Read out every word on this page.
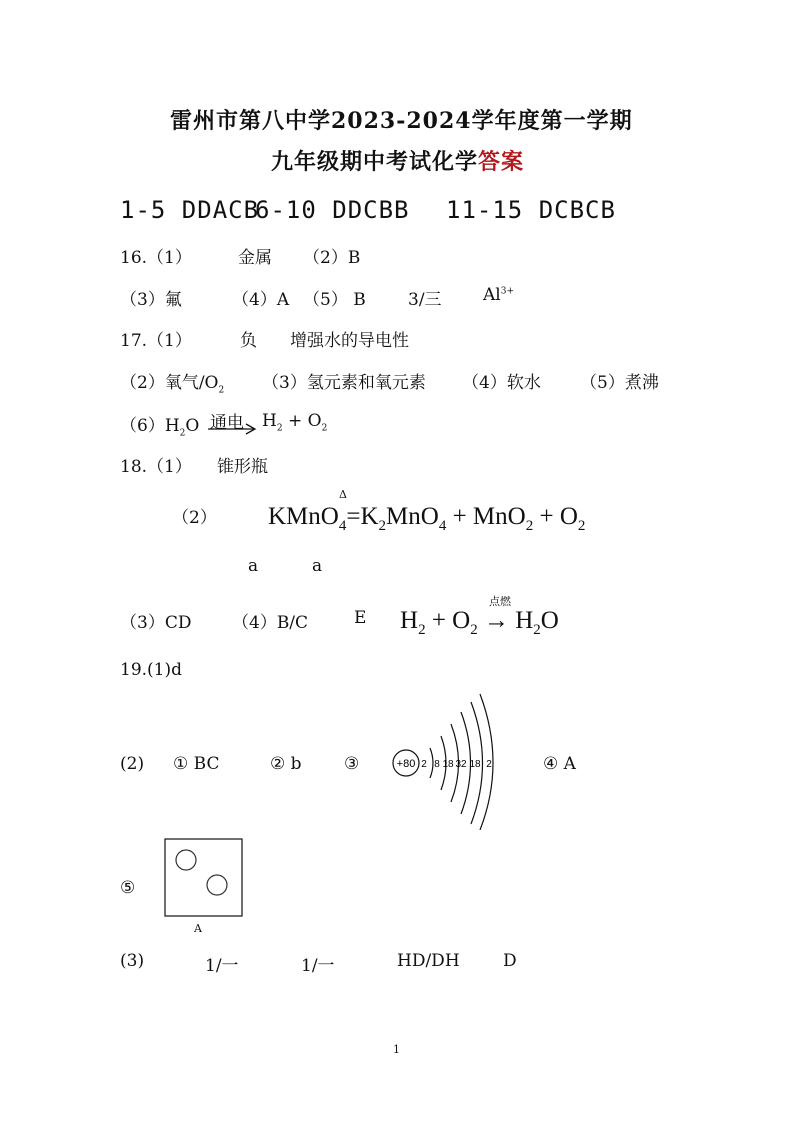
雷州市第八中学2023-2024学年度第一学期
九年级期中考试化学答案
1-5 DDACB
6-10 DDCBB 11-15 DCBCB
16.（1）	金属 （2）B
（3）氟	（4）A （5） B 3/三 $Al^{3+}$
17.（1）	负 增强水的导电性
（2）氧气$/O_2$ （3）氢元素和氧元素 （4）软水 （5）煮沸
$(6)H_2O$ 通电 $H_2 + O_2$
18.（1） 锥形瓶
（2）
Δ
$KMnO_4=K_2MnO_4 + MnO_2 + O_2$
a	a
（3）CD （4）B/C	E
点燃
$H_2 + O_2 \to H_2O$
19.(1)d
(2) ① BC	② b ③	+80 2 8 18 32 18 2	④ A
⑤
A
(3)	1/一	1/一	HD/DH	D
1
